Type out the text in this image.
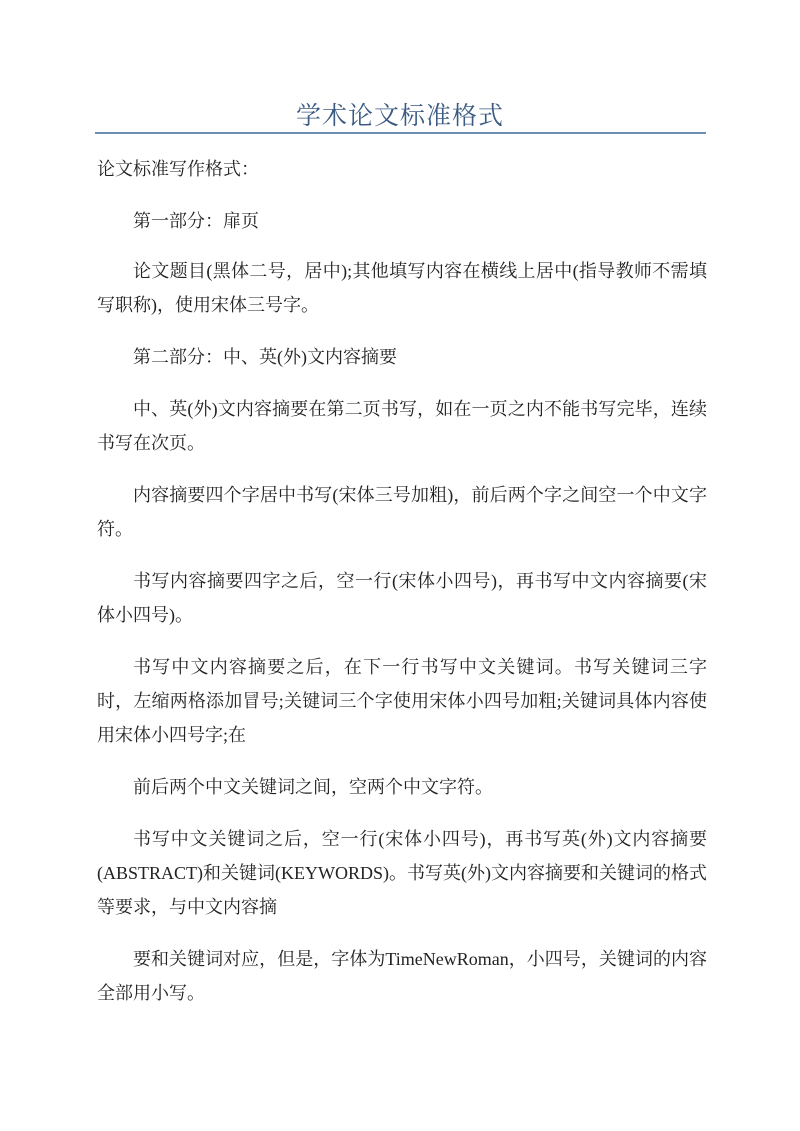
学术论文标准格式

论文标准写作格式：

第一部分：扉页

论文题目(黑体二号，居中);其他填写内容在横线上居中(指导教师不需填写职称)，使用宋体三号字。

第二部分：中、英(外)文内容摘要

中、英(外)文内容摘要在第二页书写，如在一页之内不能书写完毕，连续书写在次页。

内容摘要四个字居中书写(宋体三号加粗)，前后两个字之间空一个中文字符。

书写内容摘要四字之后，空一行(宋体小四号)，再书写中文内容摘要(宋体小四号)。

书写中文内容摘要之后，在下一行书写中文关键词。书写关键词三字时，左缩两格添加冒号;关键词三个字使用宋体小四号加粗;关键词具体内容使用宋体小四号字;在

前后两个中文关键词之间，空两个中文字符。

书写中文关键词之后，空一行(宋体小四号)，再书写英(外)文内容摘要(ABSTRACT)和关键词(KEYWORDS)。书写英(外)文内容摘要和关键词的格式等要求，与中文内容摘

要和关键词对应，但是，字体为TimeNewRoman，小四号，关键词的内容全部用小写。
